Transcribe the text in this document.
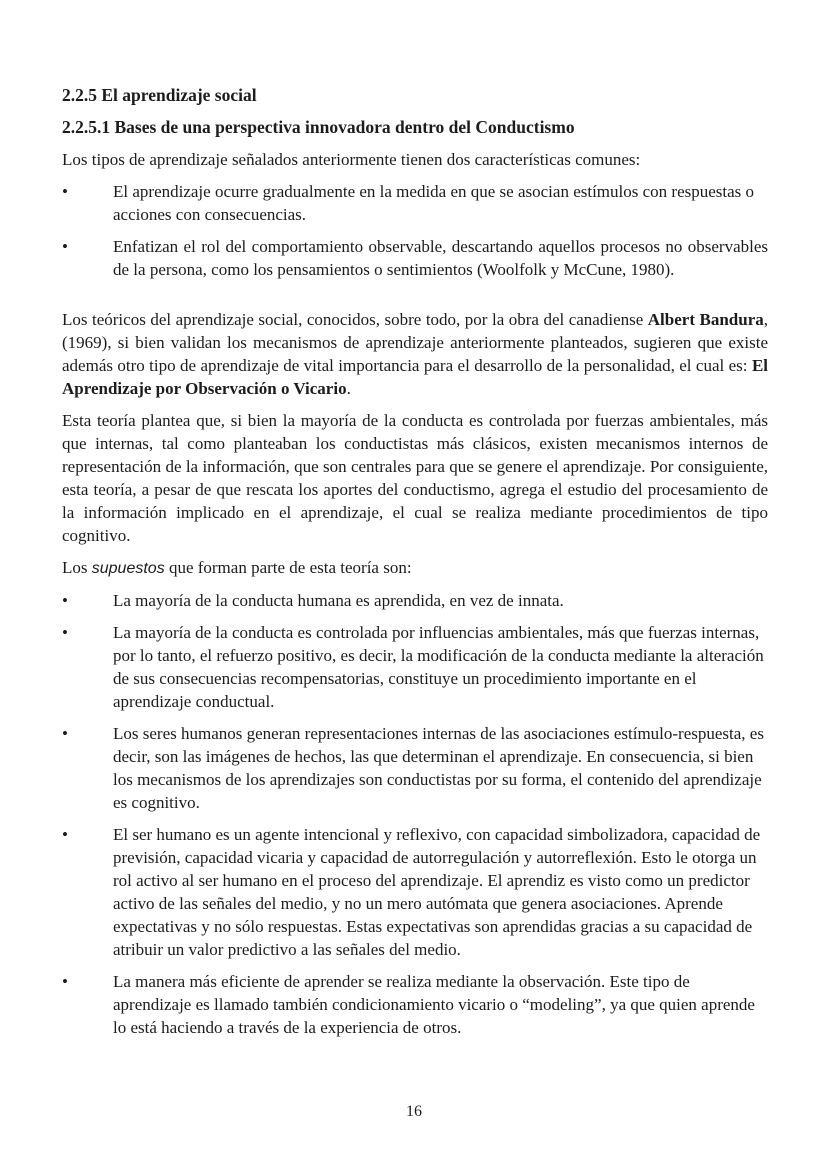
2.2.5 El aprendizaje social
2.2.5.1 Bases de una perspectiva innovadora dentro del Conductismo

Los tipos de aprendizaje señalados anteriormente tienen dos características comunes:

•	El aprendizaje ocurre gradualmente en la medida en que se asocian estímulos con respuestas o acciones con consecuencias.
•	Enfatizan el rol del comportamiento observable, descartando aquellos procesos no observables de la persona, como los pensamientos o sentimientos (Woolfolk y McCune, 1980).

Los teóricos del aprendizaje social, conocidos, sobre todo, por la obra del canadiense Albert Bandura, (1969), si bien validan los mecanismos de aprendizaje anteriormente planteados, sugieren que existe además otro tipo de aprendizaje de vital importancia para el desarrollo de la personalidad, el cual es: El Aprendizaje por Observación o Vicario.

Esta teoría plantea que, si bien la mayoría de la conducta es controlada por fuerzas ambientales, más que internas, tal como planteaban los conductistas más clásicos, existen mecanismos internos de representación de la información, que son centrales para que se genere el aprendizaje. Por consiguiente, esta teoría, a pesar de que rescata los aportes del conductismo, agrega el estudio del procesamiento de la información implicado en el aprendizaje, el cual se realiza mediante procedimientos de tipo cognitivo.

Los supuestos que forman parte de esta teoría son:

•	La mayoría de la conducta humana es aprendida, en vez de innata.
•	La mayoría de la conducta es controlada por influencias ambientales, más que fuerzas internas, por lo tanto, el refuerzo positivo, es decir, la modificación de la conducta mediante la alteración de sus consecuencias recompensatorias, constituye un procedimiento importante en el aprendizaje conductual.
•	Los seres humanos generan representaciones internas de las asociaciones estímulo-respuesta, es decir, son las imágenes de hechos, las que determinan el aprendizaje. En consecuencia, si bien los mecanismos de los aprendizajes son conductistas por su forma, el contenido del aprendizaje es cognitivo.
•	El ser humano es un agente intencional y reflexivo, con capacidad simbolizadora, capacidad de previsión, capacidad vicaria y capacidad de autorregulación y autorreflexión. Esto le otorga un rol activo al ser humano en el proceso del aprendizaje. El aprendiz es visto como un predictor activo de las señales del medio, y no un mero autómata que genera asociaciones. Aprende expectativas y no sólo respuestas. Estas expectativas son aprendidas gracias a su capacidad de atribuir un valor predictivo a las señales del medio.
•	La manera más eficiente de aprender se realiza mediante la observación. Este tipo de aprendizaje es llamado también condicionamiento vicario o “modeling”, ya que quien aprende lo está haciendo a través de la experiencia de otros.
16
